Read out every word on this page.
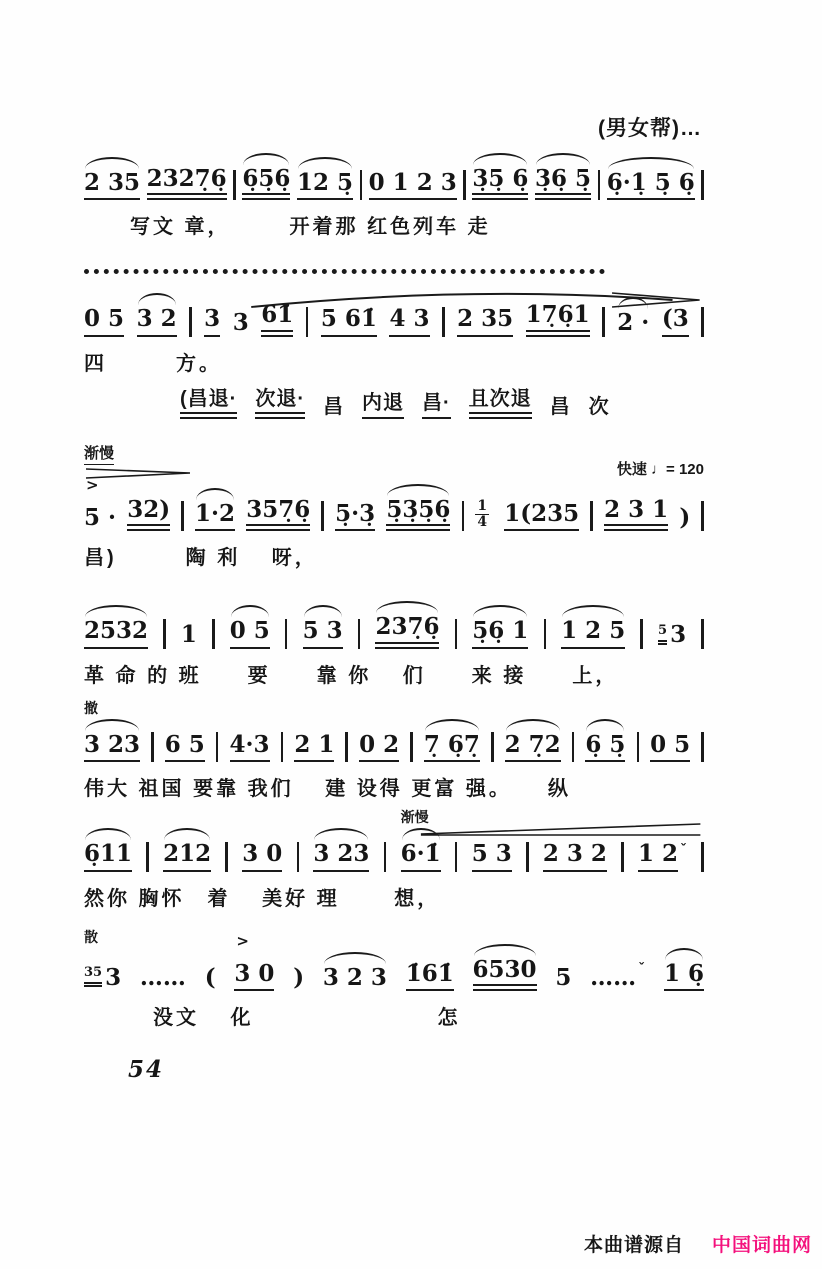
(男女帮)…
2 35 2327̣6̣ 6̣5̣6̣ 12 5̣ 0 1 2 3 3̣5̣ 6̣ 3̣6̣ 5̣ 6̣·1̣ 5̣ 6̣
　　写文 章，　　　开着那 红色列车 走
0 5 3 2 3 3 61̇ 5 61̇ 4 3 2 35 17̣6̣1 2 · (3
四　　　方。
(昌退· 次退· 昌 内退 昌· 且次退 昌 次
渐慢
快速 ♩= 120
>
5 · 32) 1·2 357̣6̣ 5̣·3̣ 5̣3̣5̣6̣ $\frac{1}{4} 1(235$ 2 3 1 )
昌)　　　陶 利　 呀，
2532 1 0 5 5 3 237̣6̣ 5̣6̣ 1 1 2 5	5 3
革 命 的 班　　要　　靠 你　 们　　来 接　　上，
撤
3 23 6 5 4·3 2 1 0 2 7̣ 6̣7̣ 2 7̣2 6̣ 5̣ 0 5
伟大 祖国 要靠 我们　 建 设得 更富 强。　　纵
6̣11 212 3 0 3 23
渐慢
6·1̇ 5 3 2 3 2 1 2 ˇ
然你 胸怀　着　 美好 理　　 想，
散
35 3 …… (
>
3 0 ) 3 2 3 1̇61̇ 6530 5 …… ˇ 1 6̣
　　　没文　 化　　　　　　　　怎
54
本曲谱源自 中国词曲网
